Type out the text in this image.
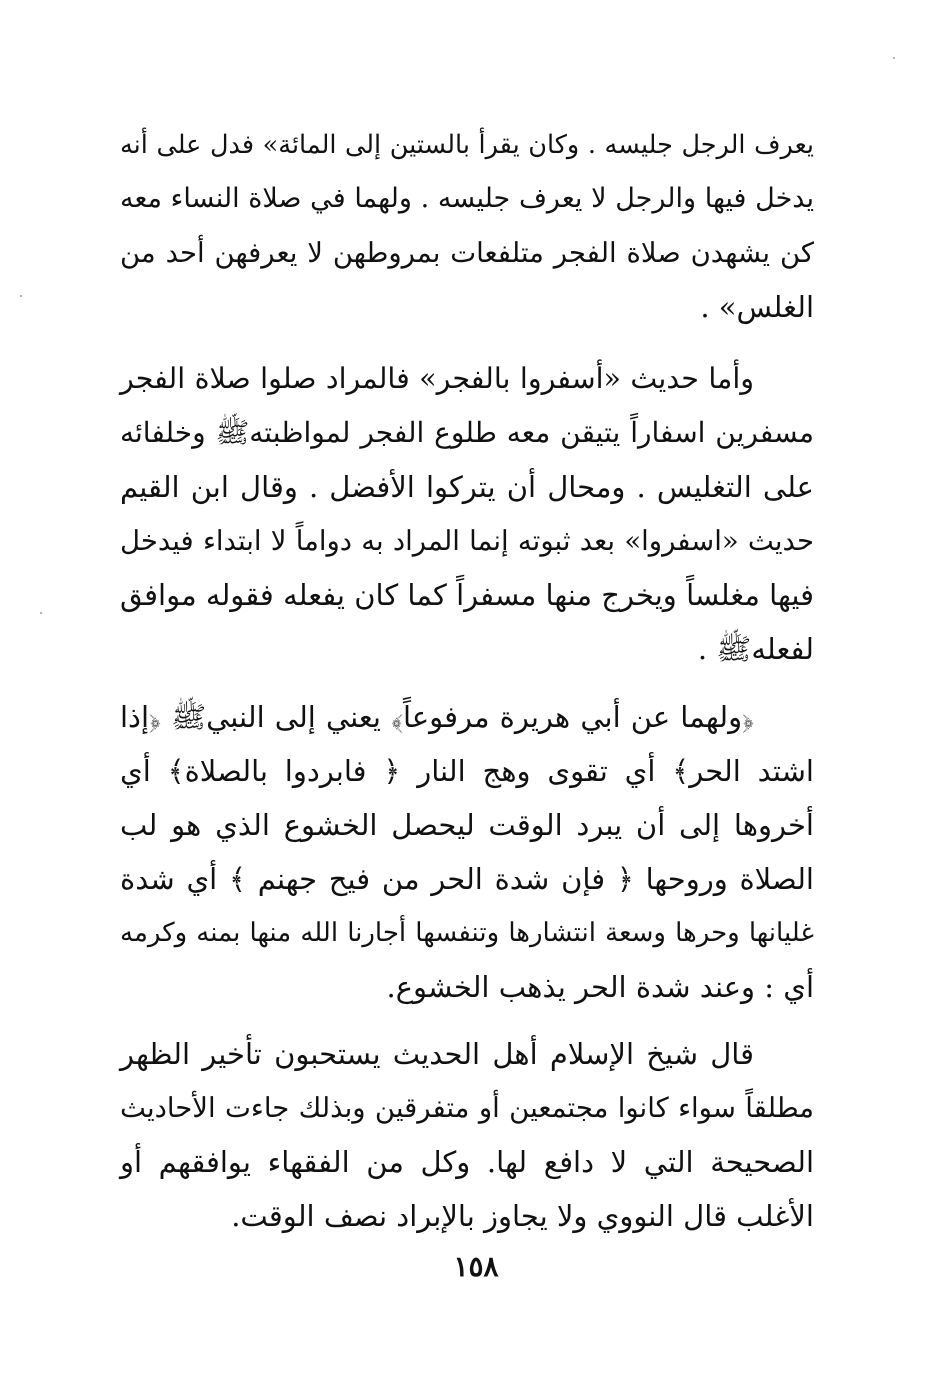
يعرف الرجل جليسه . وكان يقرأ بالستين إلى المائة» فدل على أنه
يدخل فيها والرجل لا يعرف جليسه . ولهما في صلاة النساء معه
كن يشهدن صلاة الفجر متلفعات بمروطهن لا يعرفهن أحد من
الغلس» .
وأما حديث «أسفروا بالفجر» فالمراد صلوا صلاة الفجر
مسفرين اسفاراً يتيقن معه طلوع الفجر لمواظبتهﷺ وخلفائه
على التغليس . ومحال أن يتركوا الأفضل . وقال ابن القيم
حديث «اسفروا» بعد ثبوته إنما المراد به دواماً لا ابتداء فيدخل
فيها مغلساً ويخرج منها مسفراً كما كان يفعله فقوله موافق
لفعلهﷺ .
﴿ولهما عن أبي هريرة مرفوعاً﴾ يعني إلى النبيﷺ ﴿إذا
اشتد الحر﴾ أي تقوى وهج النار ﴿ فابردوا بالصلاة﴾ أي
أخروها إلى أن يبرد الوقت ليحصل الخشوع الذي هو لب
الصلاة وروحها ﴿ فإن شدة الحر من فيح جهنم ﴾ أي شدة
غليانها وحرها وسعة انتشارها وتنفسها أجارنا الله منها بمنه وكرمه
أي : وعند شدة الحر يذهب الخشوع.
قال شيخ الإسلام أهل الحديث يستحبون تأخير الظهر
مطلقاً سواء كانوا مجتمعين أو متفرقين وبذلك جاءت الأحاديث
الصحيحة التي لا دافع لها. وكل من الفقهاء يوافقهم أو
الأغلب قال النووي ولا يجاوز بالإبراد نصف الوقت.
١٥٨
